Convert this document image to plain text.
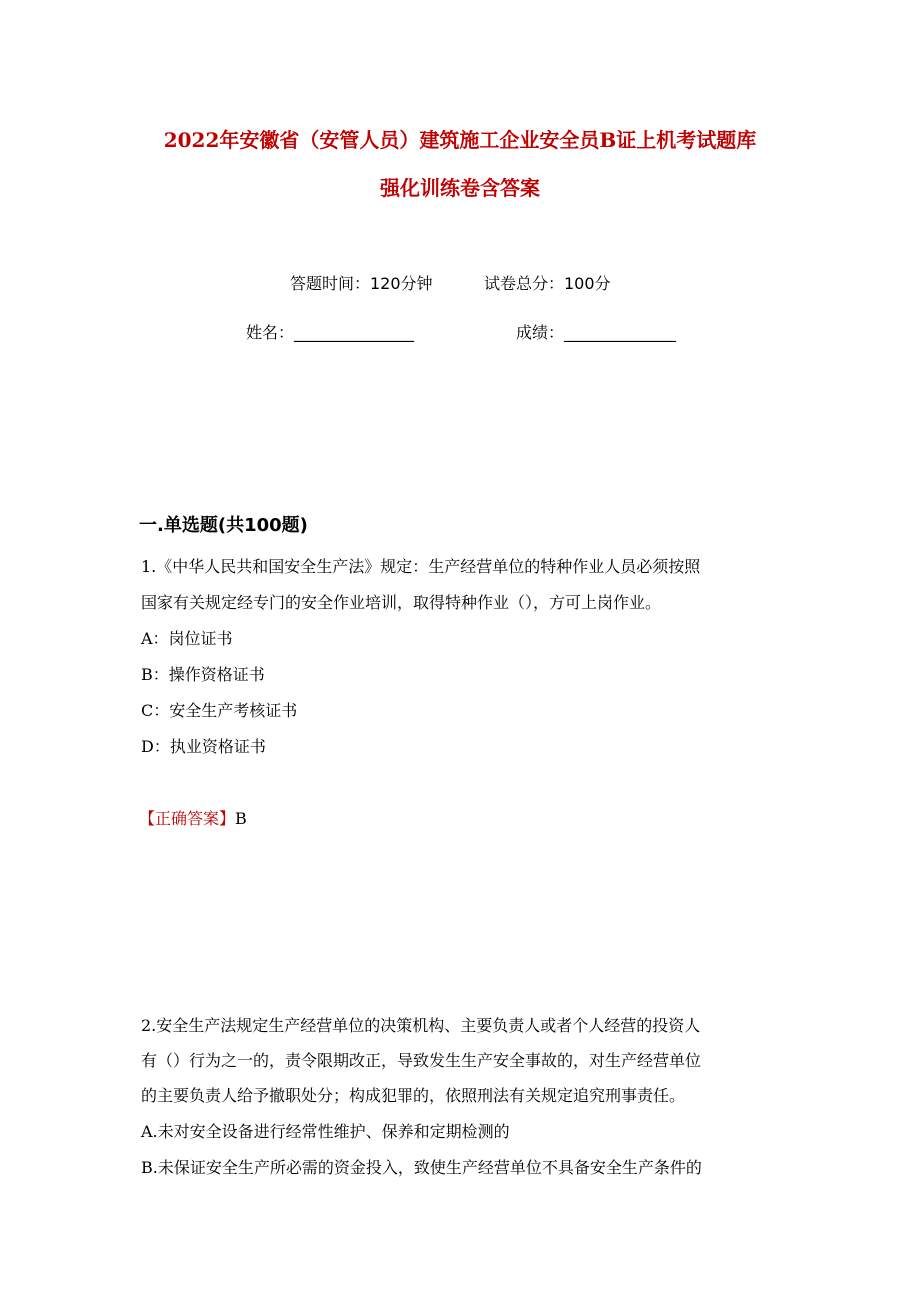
2022年安徽省（安管人员）建筑施工企业安全员B证上机考试题库
强化训练卷含答案
答题时间：120分钟	试卷总分：100分
姓名：_______________	成绩：______________
一.单选题(共100题)
1.《中华人民共和国安全生产法》规定：生产经营单位的特种作业人员必须按照
国家有关规定经专门的安全作业培训，取得特种作业（），方可上岗作业。
A：岗位证书
B：操作资格证书
C：安全生产考核证书
D：执业资格证书
【正确答案】B
2.安全生产法规定生产经营单位的决策机构、主要负责人或者个人经营的投资人
有（）行为之一的，责令限期改正，导致发生生产安全事故的，对生产经营单位
的主要负责人给予撤职处分；构成犯罪的，依照刑法有关规定追究刑事责任。
A.未对安全设备进行经常性维护、保养和定期检测的
B.未保证安全生产所必需的资金投入，致使生产经营单位不具备安全生产条件的
